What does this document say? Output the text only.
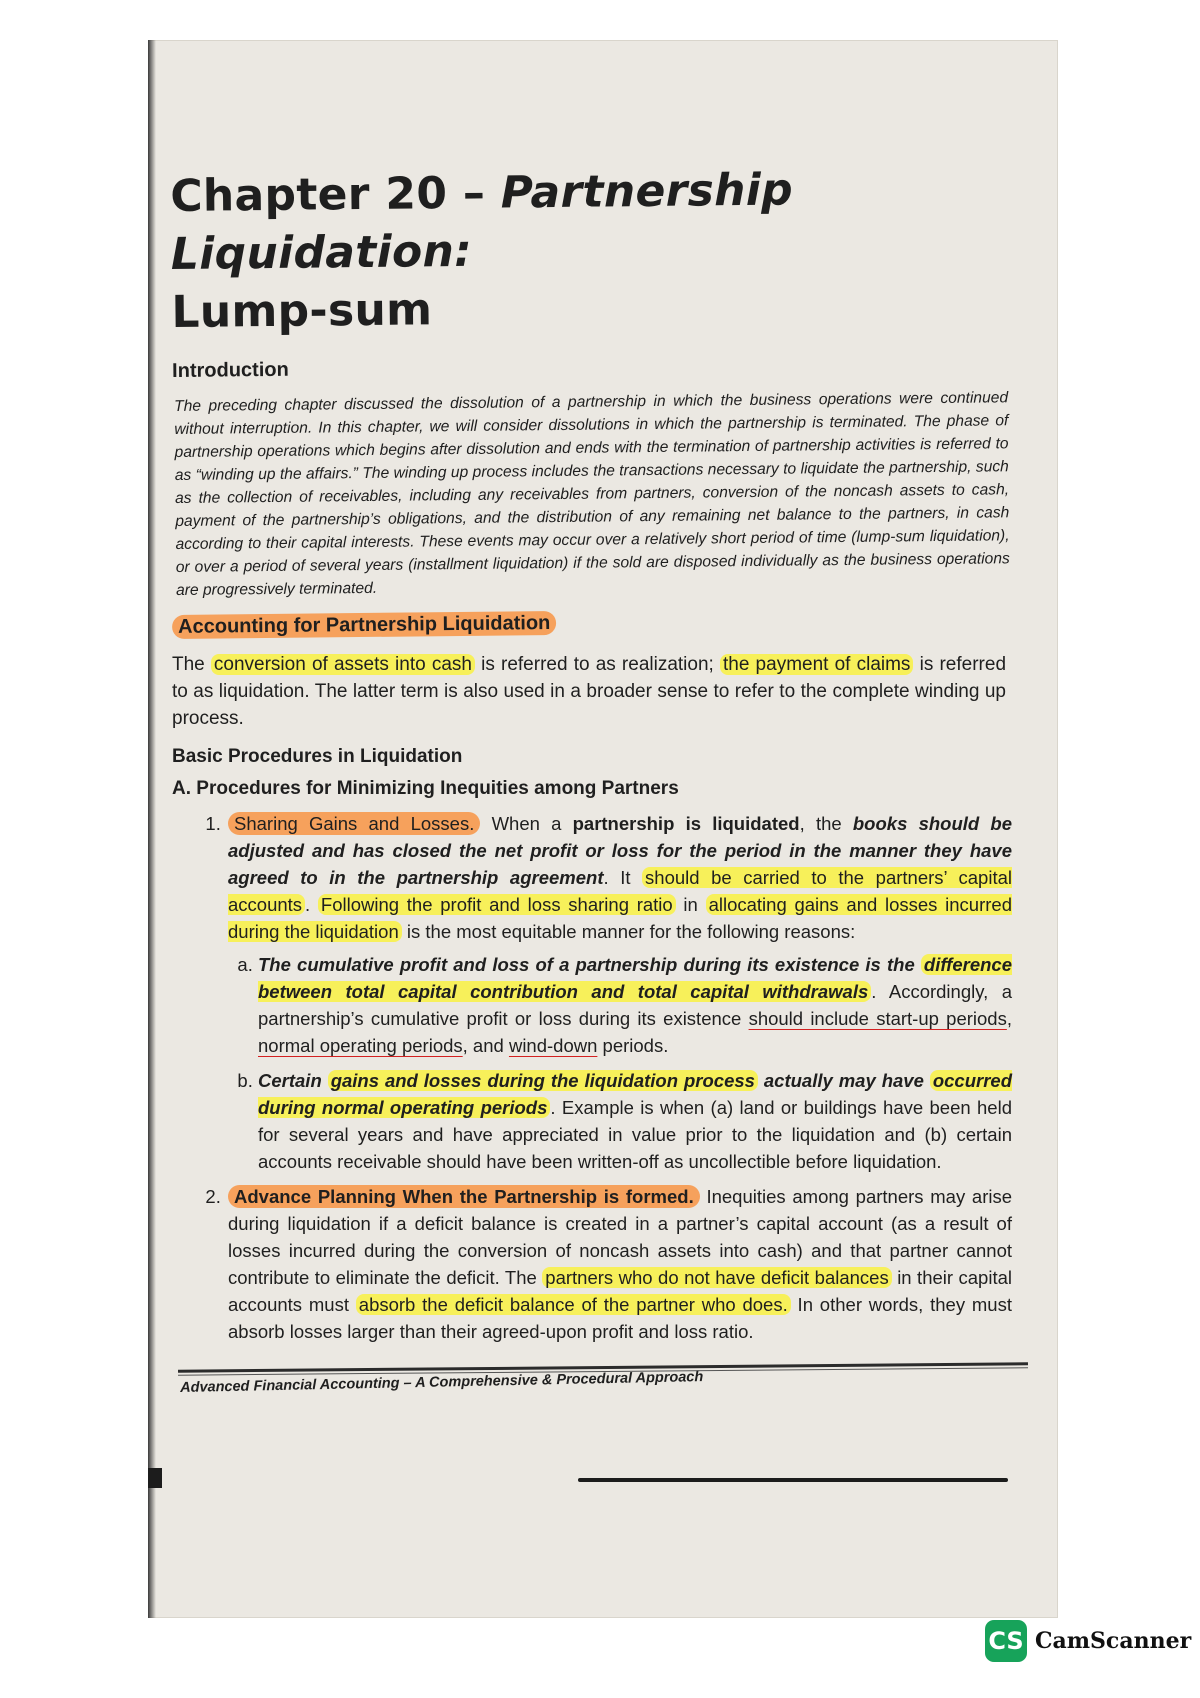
Chapter 20 – Partnership Liquidation:
Lump-sum
Introduction

The preceding chapter discussed the dissolution of a partnership in which the business operations were continued without interruption. In this chapter, we will consider dissolutions in which the partnership is terminated. The phase of partnership operations which begins after dissolution and ends with the termination of partnership activities is referred to as “winding up the affairs.” The winding up process includes the transactions necessary to liquidate the partnership, such as the collection of receivables, including any receivables from partners, conversion of the noncash assets to cash, payment of the partnership’s obligations, and the distribution of any remaining net balance to the partners, in cash according to their capital interests. These events may occur over a relatively short period of time (lump-sum liquidation), or over a period of several years (installment liquidation) if the sold are disposed individually as the business operations are progressively terminated.

Accounting for Partnership Liquidation

The conversion of assets into cash is referred to as realization; the payment of claims is referred to as liquidation. The latter term is also used in a broader sense to refer to the complete winding up process.

Basic Procedures in Liquidation
A. Procedures for Minimizing Inequities among Partners
1. Sharing Gains and Losses. When a partnership is liquidated, the books should be adjusted and has closed the net profit or loss for the period in the manner they have agreed to in the partnership agreement. It should be carried to the partners’ capital accounts . Following the profit and loss sharing ratio in allocating gains and losses incurred during the liquidation is the most equitable manner for the following reasons:
a. The cumulative profit and loss of a partnership during its existence is the difference between total capital contribution and total capital withdrawals . Accordingly, a partnership’s cumulative profit or loss during its existence should include start-up periods, normal operating periods, and wind-down periods.
b. Certain gains and losses during the liquidation process actually may have occurred during normal operating periods . Example is when (a) land or buildings have been held for several years and have appreciated in value prior to the liquidation and (b) certain accounts receivable should have been written-off as uncollectible before liquidation.
2. Advance Planning When the Partnership is formed. Inequities among partners may arise during liquidation if a deficit balance is created in a partner’s capital account (as a result of losses incurred during the conversion of noncash assets into cash) and that partner cannot contribute to eliminate the deficit. The partners who do not have deficit balances in their capital accounts must absorb the deficit balance of the partner who does. In other words, they must absorb losses larger than their agreed-upon profit and loss ratio.
Advanced Financial Accounting – A Comprehensive & Procedural Approach
CS CamScanner
